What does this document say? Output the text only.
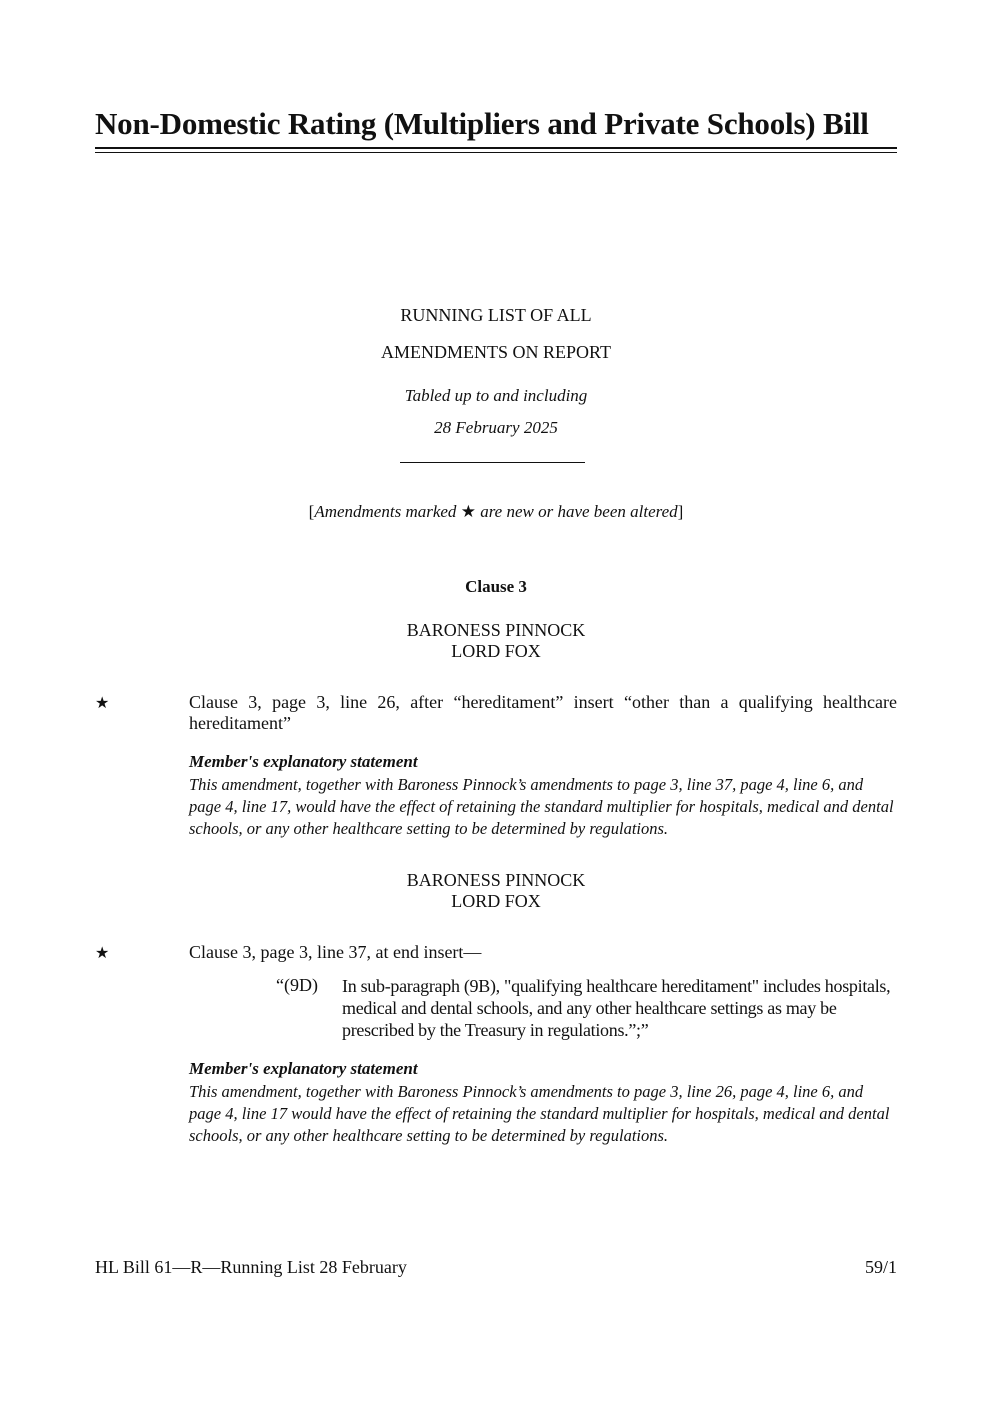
Non-Domestic Rating (Multipliers and Private Schools) Bill
RUNNING LIST OF ALL
AMENDMENTS ON REPORT
Tabled up to and including
28 February 2025
[Amendments marked ★ are new or have been altered]
Clause 3
BARONESS PINNOCK
LORD FOX
★	Clause 3, page 3, line 26, after “hereditament” insert “other than a qualifying healthcare hereditament”
Member's explanatory statement
This amendment, together with Baroness Pinnock’s amendments to page 3, line 37, page 4, line 6, and page 4, line 17, would have the effect of retaining the standard multiplier for hospitals, medical and dental schools, or any other healthcare setting to be determined by regulations.
BARONESS PINNOCK
LORD FOX
★	Clause 3, page 3, line 37, at end insert—
“(9D) In sub-paragraph (9B), "qualifying healthcare hereditament" includes hospitals, medical and dental schools, and any other healthcare settings as may be prescribed by the Treasury in regulations.”;”
Member's explanatory statement
This amendment, together with Baroness Pinnock’s amendments to page 3, line 26, page 4, line 6, and page 4, line 17 would have the effect of retaining the standard multiplier for hospitals, medical and dental schools, or any other healthcare setting to be determined by regulations.
HL Bill 61—R—Running List 28 February	59/1
